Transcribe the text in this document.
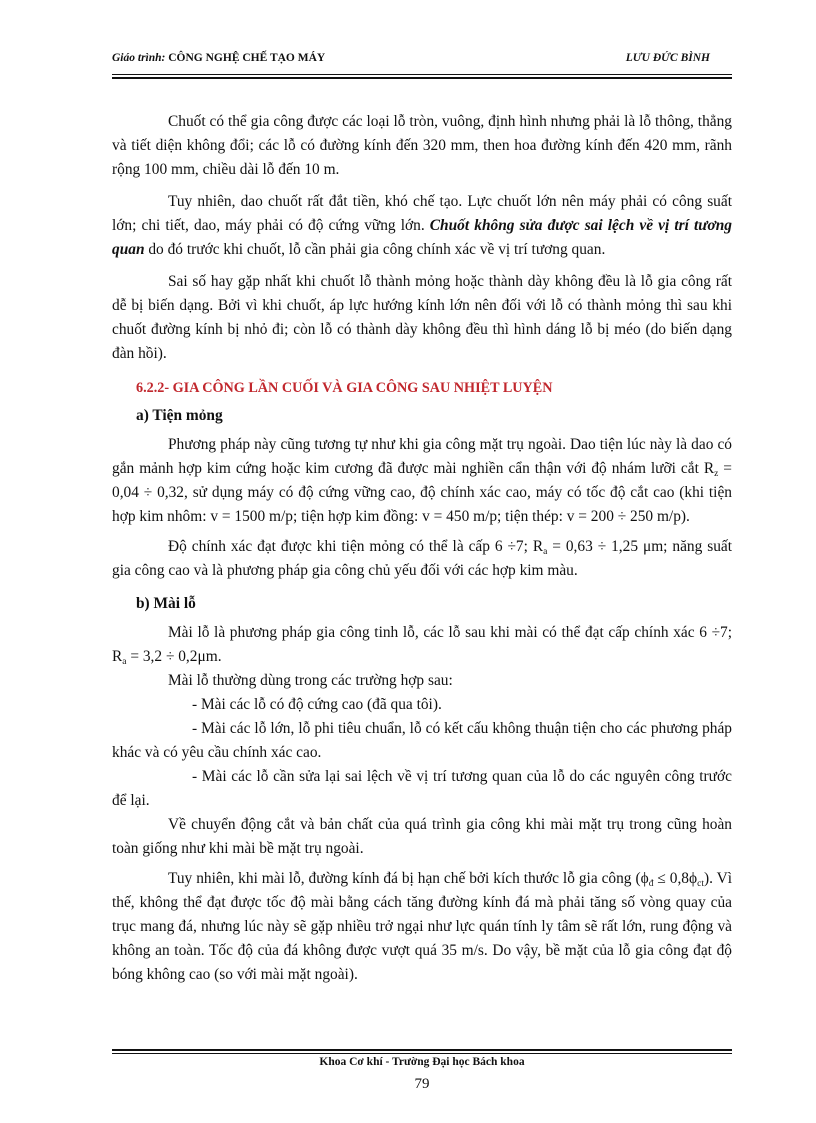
Giáo trình: CÔNG NGHỆ CHẾ TẠO MÁY	LƯU ĐỨC BÌNH

Chuốt có thể gia công được các loại lỗ tròn, vuông, định hình nhưng phải là lỗ thông, thẳng và tiết diện không đổi; các lỗ có đường kính đến 320 mm, then hoa đường kính đến 420 mm, rãnh rộng 100 mm, chiều dài lỗ đến 10 m.

Tuy nhiên, dao chuốt rất đắt tiền, khó chế tạo. Lực chuốt lớn nên máy phải có công suất lớn; chi tiết, dao, máy phải có độ cứng vững lớn. Chuốt không sửa được sai lệch về vị trí tương quan do đó trước khi chuốt, lỗ cần phải gia công chính xác về vị trí tương quan.

Sai số hay gặp nhất khi chuốt lỗ thành mỏng hoặc thành dày không đều là lỗ gia công rất dễ bị biến dạng. Bởi vì khi chuốt, áp lực hướng kính lớn nên đối với lỗ có thành mỏng thì sau khi chuốt đường kính bị nhỏ đi; còn lỗ có thành dày không đều thì hình dáng lỗ bị méo (do biến dạng đàn hồi).

6.2.2- GIA CÔNG LẦN CUỐI VÀ GIA CÔNG SAU NHIỆT LUYỆN
a) Tiện mỏng

Phương pháp này cũng tương tự như khi gia công mặt trụ ngoài. Dao tiện lúc này là dao có gắn mảnh hợp kim cứng hoặc kim cương đã được mài nghiền cẩn thận với độ nhám lưỡi cắt $R_z = 0,04 \div 0,32$, sử dụng máy có độ cứng vững cao, độ chính xác cao, máy có tốc độ cắt cao (khi tiện hợp kim nhôm: v = 1500 m/p; tiện hợp kim đồng: v = 450 m/p; tiện thép: v = 200 ÷ 250 m/p).

Độ chính xác đạt được khi tiện mỏng có thể là cấp 6 ÷7; $R_a = 0,63 \div 1,25$ μm; năng suất gia công cao và là phương pháp gia công chủ yếu đối với các hợp kim màu.

b) Mài lỗ

Mài lỗ là phương pháp gia công tinh lỗ, các lỗ sau khi mài có thể đạt cấp chính xác 6 ÷7; $R_a = 3,2 \div 0,2\mu m$.

Mài lỗ thường dùng trong các trường hợp sau:

- Mài các lỗ có độ cứng cao (đã qua tôi).

- Mài các lỗ lớn, lỗ phi tiêu chuẩn, lỗ có kết cấu không thuận tiện cho các phương pháp khác và có yêu cầu chính xác cao.

- Mài các lỗ cần sửa lại sai lệch về vị trí tương quan của lỗ do các nguyên công trước để lại.

Về chuyển động cắt và bản chất của quá trình gia công khi mài mặt trụ trong cũng hoàn toàn giống như khi mài bề mặt trụ ngoài.

Tuy nhiên, khi mài lỗ, đường kính đá bị hạn chế bởi kích thước lỗ gia công $(\phi_đ \le 0,8\phi_{ct})$. Vì thế, không thể đạt được tốc độ mài bằng cách tăng đường kính đá mà phải tăng số vòng quay của trục mang đá, nhưng lúc này sẽ gặp nhiều trở ngại như lực quán tính ly tâm sẽ rất lớn, rung động và không an toàn. Tốc độ của đá không được vượt quá 35 m/s. Do vậy, bề mặt của lỗ gia công đạt độ bóng không cao (so với mài mặt ngoài).

Khoa Cơ khí - Trường Đại học Bách khoa
79
